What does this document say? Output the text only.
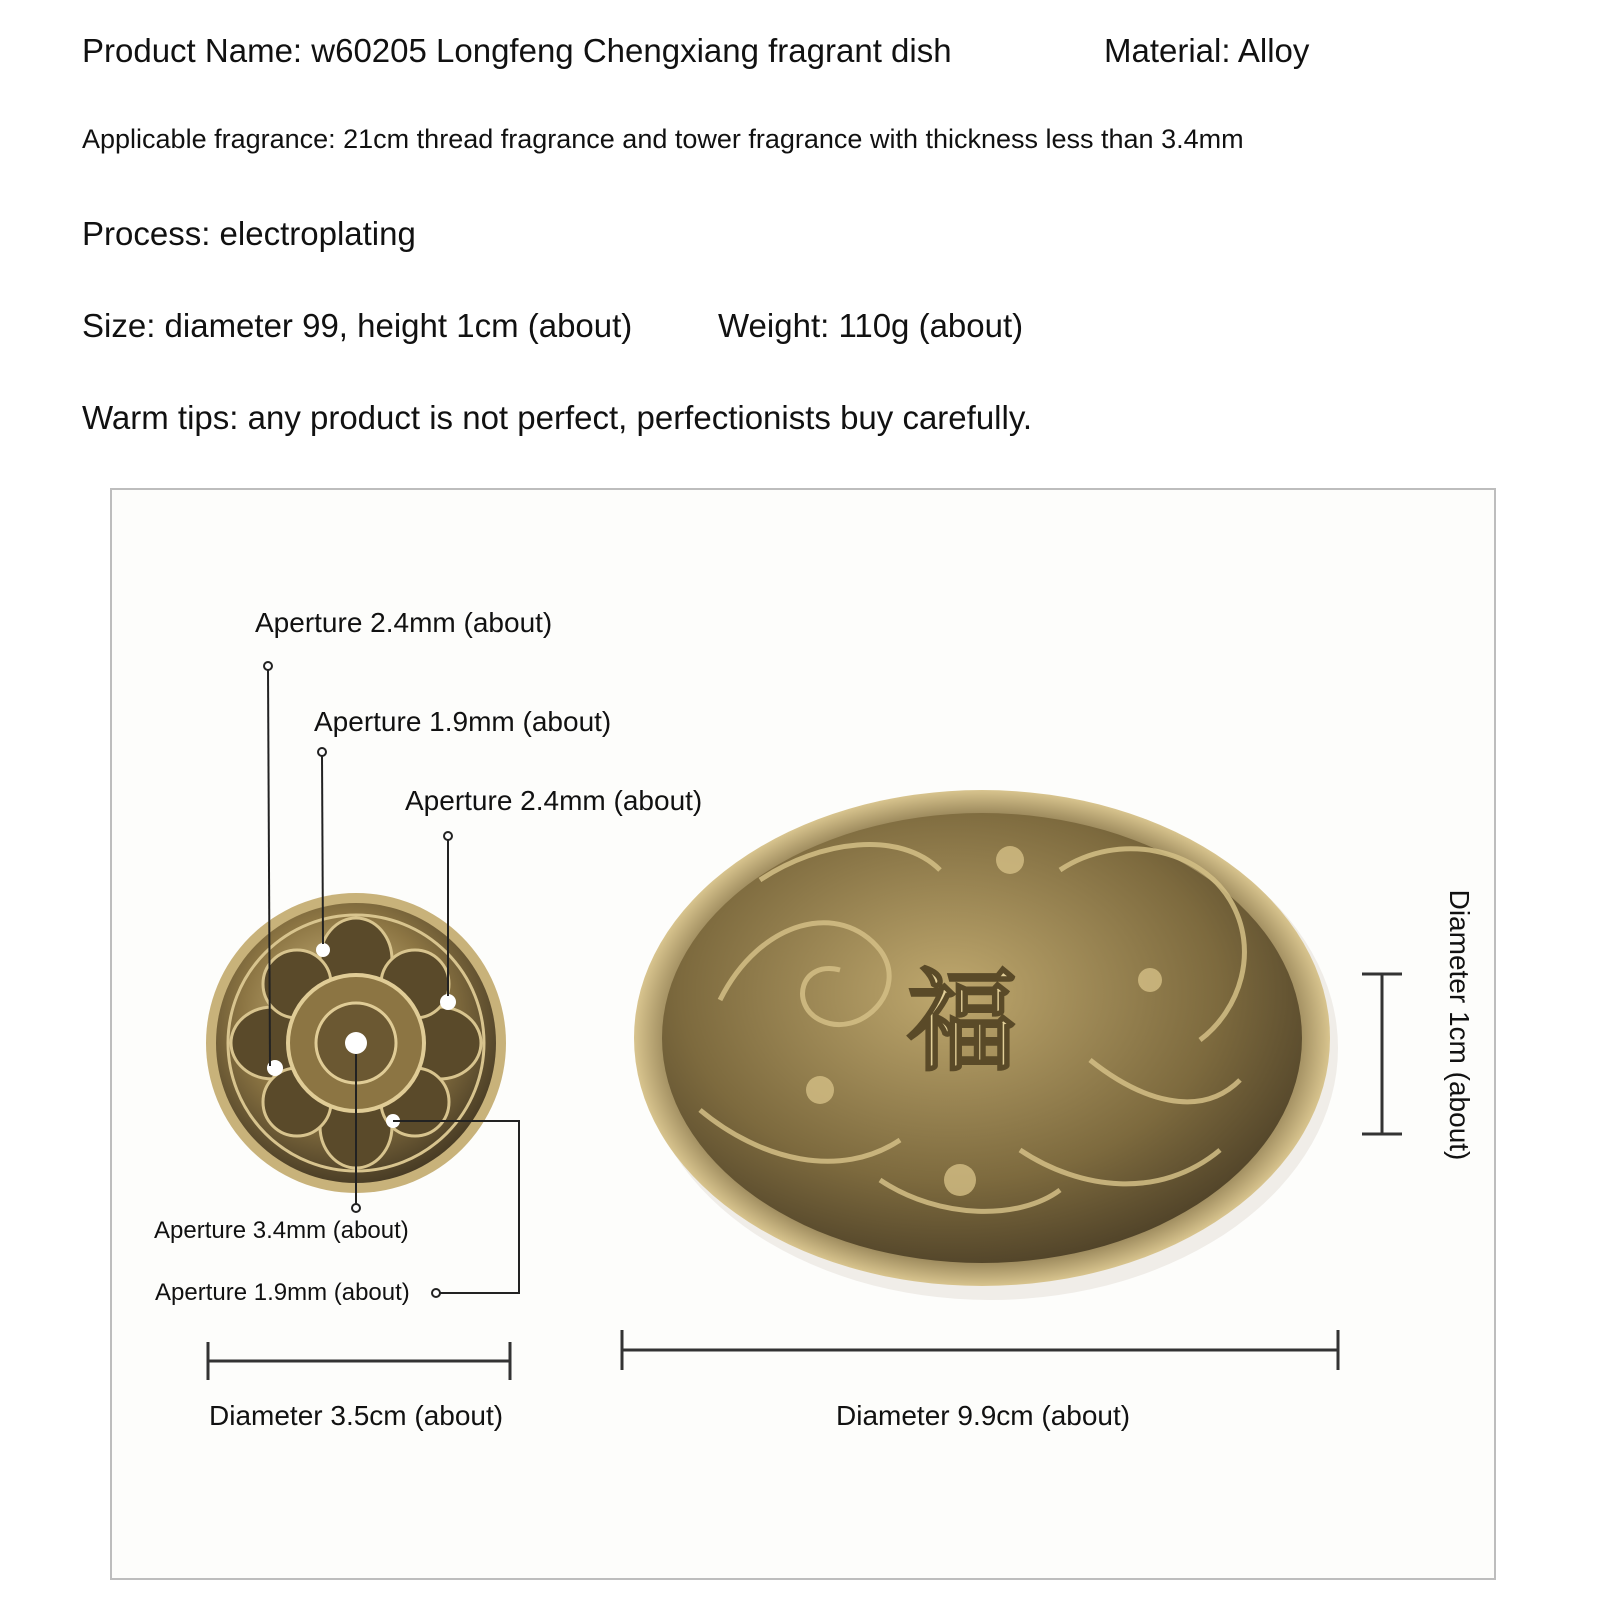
Product Name: w60205 Longfeng Chengxiang fragrant dish	Material: Alloy
Applicable fragrance: 21cm thread fragrance and tower fragrance with thickness less than 3.4mm
Process: electroplating
Size: diameter 99, height 1cm (about)	Weight: 110g (about)
Warm tips: any product is not perfect, perfectionists buy carefully.
福	Diameter 1cm (about)
Aperture 2.4mm (about)
Aperture 1.9mm (about)
Aperture 2.4mm (about)
Aperture 3.4mm (about)
Aperture 1.9mm (about)
Diameter 3.5cm (about)	Diameter 9.9cm (about)
